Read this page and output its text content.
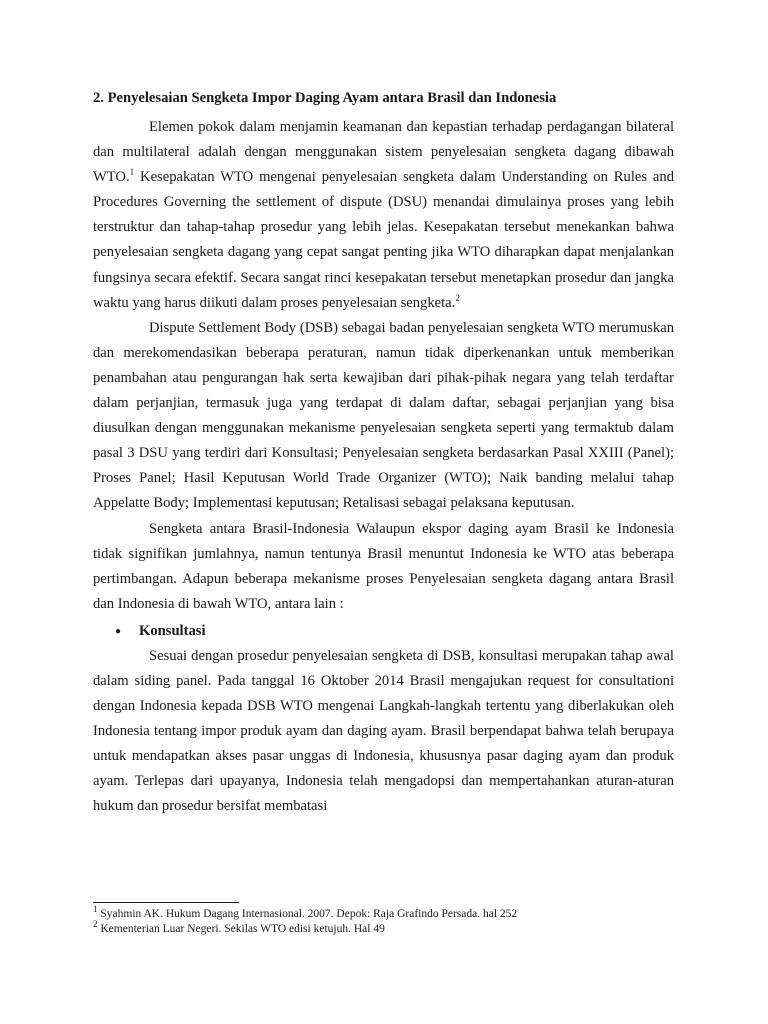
2. Penyelesaian Sengketa Impor Daging Ayam antara Brasil dan Indonesia

Elemen pokok dalam menjamin keamanan dan kepastian terhadap perdagangan bilateral dan multilateral adalah dengan menggunakan sistem penyelesaian sengketa dagang dibawah WTO.$^1$ Kesepakatan WTO mengenai penyelesaian sengketa dalam Understanding on Rules and Procedures Governing the settlement of dispute (DSU) menandai dimulainya proses yang lebih terstruktur dan tahap-tahap prosedur yang lebih jelas. Kesepakatan tersebut menekankan bahwa penyelesaian sengketa dagang yang cepat sangat penting jika WTO diharapkan dapat menjalankan fungsinya secara efektif. Secara sangat rinci kesepakatan tersebut menetapkan prosedur dan jangka waktu yang harus diikuti dalam proses penyelesaian sengketa.$^2$

Dispute Settlement Body (DSB) sebagai badan penyelesaian sengketa WTO merumuskan dan merekomendasikan beberapa peraturan, namun tidak diperkenankan untuk memberikan penambahan atau pengurangan hak serta kewajiban dari pihak-pihak negara yang telah terdaftar dalam perjanjian, termasuk juga yang terdapat di dalam daftar, sebagai perjanjian yang bisa diusulkan dengan menggunakan mekanisme penyelesaian sengketa seperti yang termaktub dalam pasal 3 DSU yang terdiri dari Konsultasi; Penyelesaian sengketa berdasarkan Pasal XXIII (Panel); Proses Panel; Hasil Keputusan World Trade Organizer (WTO); Naik banding melalui tahap Appelatte Body; Implementasi keputusan; Retalisasi sebagai pelaksana keputusan.

Sengketa antara Brasil-Indonesia Walaupun ekspor daging ayam Brasil ke Indonesia tidak signifikan jumlahnya, namun tentunya Brasil menuntut Indonesia ke WTO atas beberapa pertimbangan. Adapun beberapa mekanisme proses Penyelesaian sengketa dagang antara Brasil dan Indonesia di bawah WTO, antara lain :

●	Konsultasi

Sesuai dengan prosedur penyelesaian sengketa di DSB, konsultasi merupakan tahap awal dalam siding panel. Pada tanggal 16 Oktober 2014 Brasil mengajukan request for consultationi dengan Indonesia kepada DSB WTO mengenai Langkah-langkah tertentu yang diberlakukan oleh Indonesia tentang impor produk ayam dan daging ayam. Brasil berpendapat bahwa telah berupaya untuk mendapatkan akses pasar unggas di Indonesia, khususnya pasar daging ayam dan produk ayam. Terlepas dari upayanya, Indonesia telah mengadopsi dan mempertahankan aturan-aturan hukum dan prosedur bersifat membatasi

$^1$ Syahmin AK. Hukum Dagang Internasional. 2007. Depok: Raja Grafindo Persada. hal 252

$^2$ Kementerian Luar Negeri. Sekilas WTO edisi ketujuh. Hal 49
